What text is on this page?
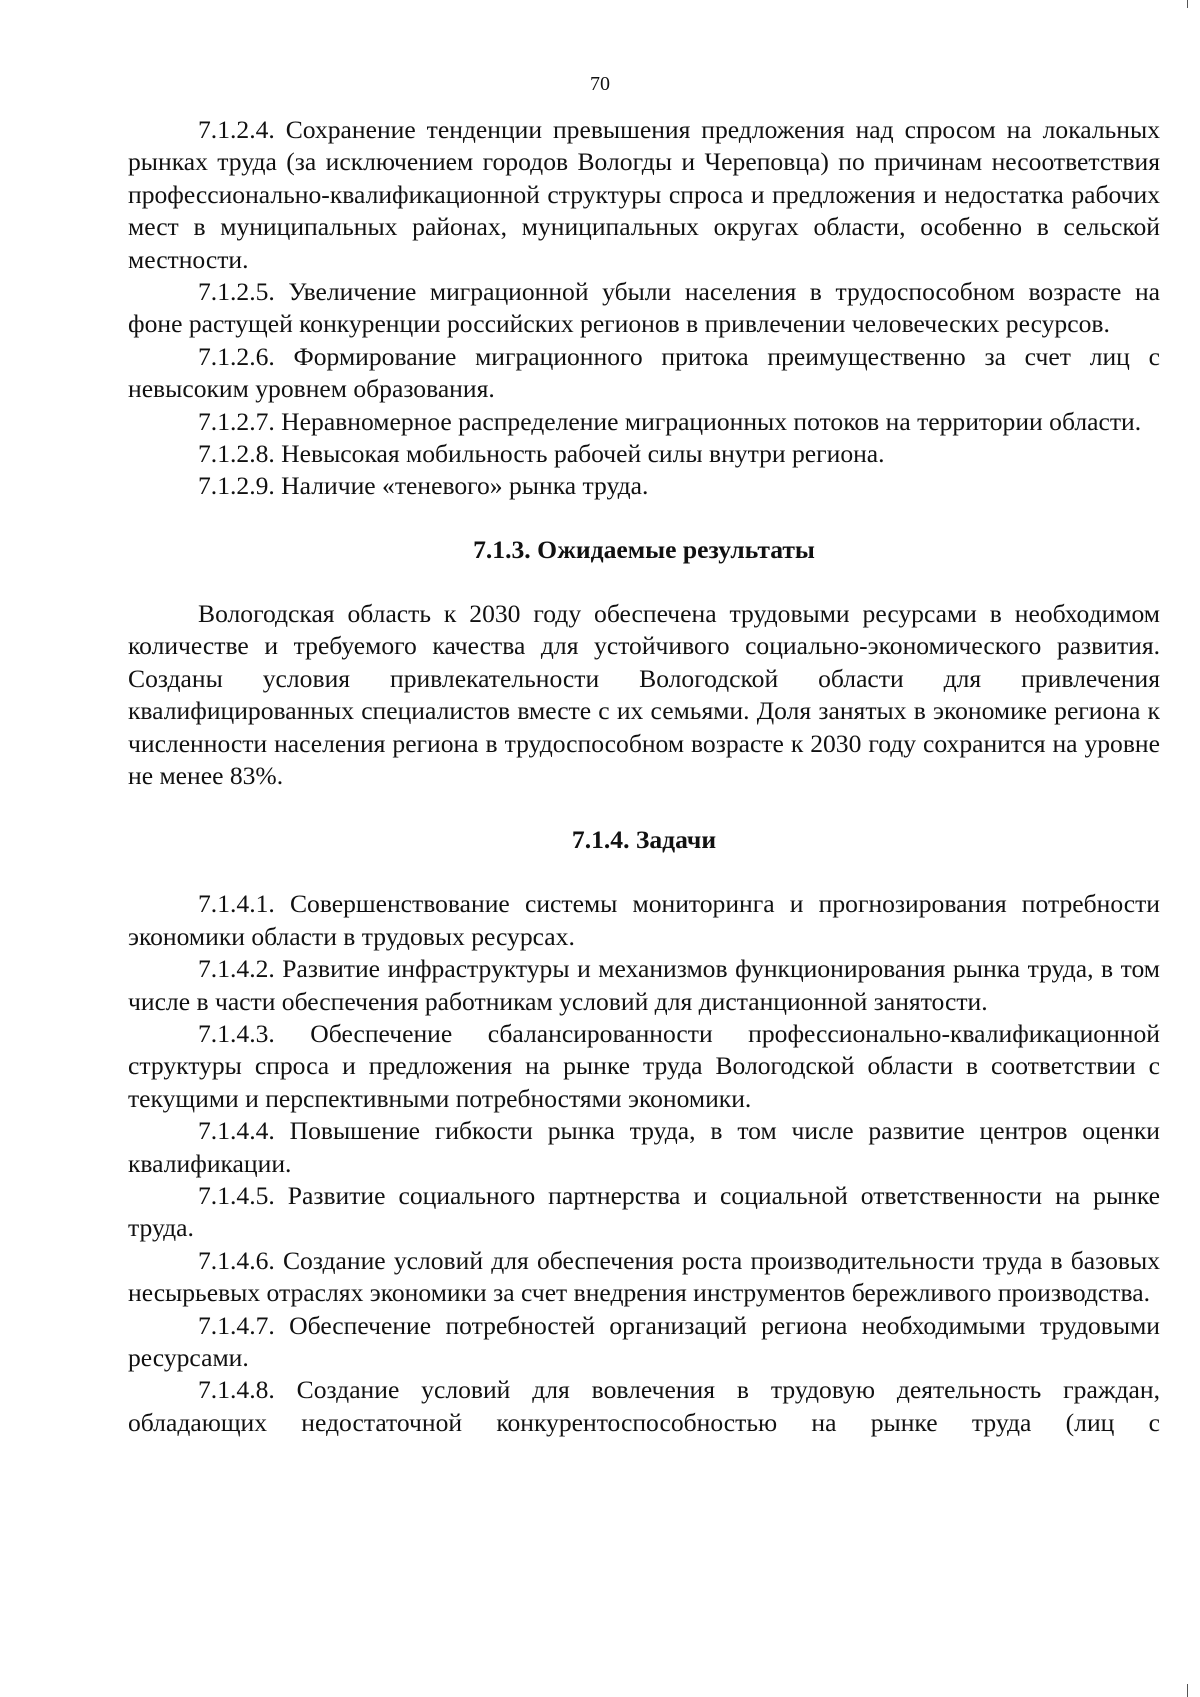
70

7.1.2.4. Сохранение тенденции превышения предложения над спросом на локальных рынках труда (за исключением городов Вологды и Череповца) по причинам несоответствия профессионально-квалификационной структуры спроса и предложения и недостатка рабочих мест в муниципальных районах, муниципальных округах области, особенно в сельской местности.

7.1.2.5. Увеличение миграционной убыли населения в трудоспособном возрасте на фоне растущей конкуренции российских регионов в привлечении человеческих ресурсов.

7.1.2.6. Формирование миграционного притока преимущественно за счет лиц с невысоким уровнем образования.

7.1.2.7. Неравномерное распределение миграционных потоков на территории области.

7.1.2.8. Невысокая мобильность рабочей силы внутри региона.

7.1.2.9. Наличие «теневого» рынка труда.

7.1.3. Ожидаемые результаты

Вологодская область к 2030 году обеспечена трудовыми ресурсами в необходимом количестве и требуемого качества для устойчивого социально-экономического развития. Созданы условия привлекательности Вологодской области для привлечения квалифицированных специалистов вместе с их семьями. Доля занятых в экономике региона к численности населения региона в трудоспособном возрасте к 2030 году сохранится на уровне не менее 83%.

7.1.4. Задачи

7.1.4.1. Совершенствование системы мониторинга и прогнозирования потребности экономики области в трудовых ресурсах.

7.1.4.2. Развитие инфраструктуры и механизмов функционирования рынка труда, в том числе в части обеспечения работникам условий для дистанционной занятости.

7.1.4.3. Обеспечение сбалансированности профессионально-квалификационной структуры спроса и предложения на рынке труда Вологодской области в соответствии с текущими и перспективными потребностями экономики.

7.1.4.4. Повышение гибкости рынка труда, в том числе развитие центров оценки квалификации.

7.1.4.5. Развитие социального партнерства и социальной ответственности на рынке труда.

7.1.4.6. Создание условий для обеспечения роста производительности труда в базовых несырьевых отраслях экономики за счет внедрения инструментов бережливого производства.

7.1.4.7. Обеспечение потребностей организаций региона необходимыми трудовыми ресурсами.

7.1.4.8. Создание условий для вовлечения в трудовую деятельность граждан, обладающих недостаточной конкурентоспособностью на рынке труда (лиц с
